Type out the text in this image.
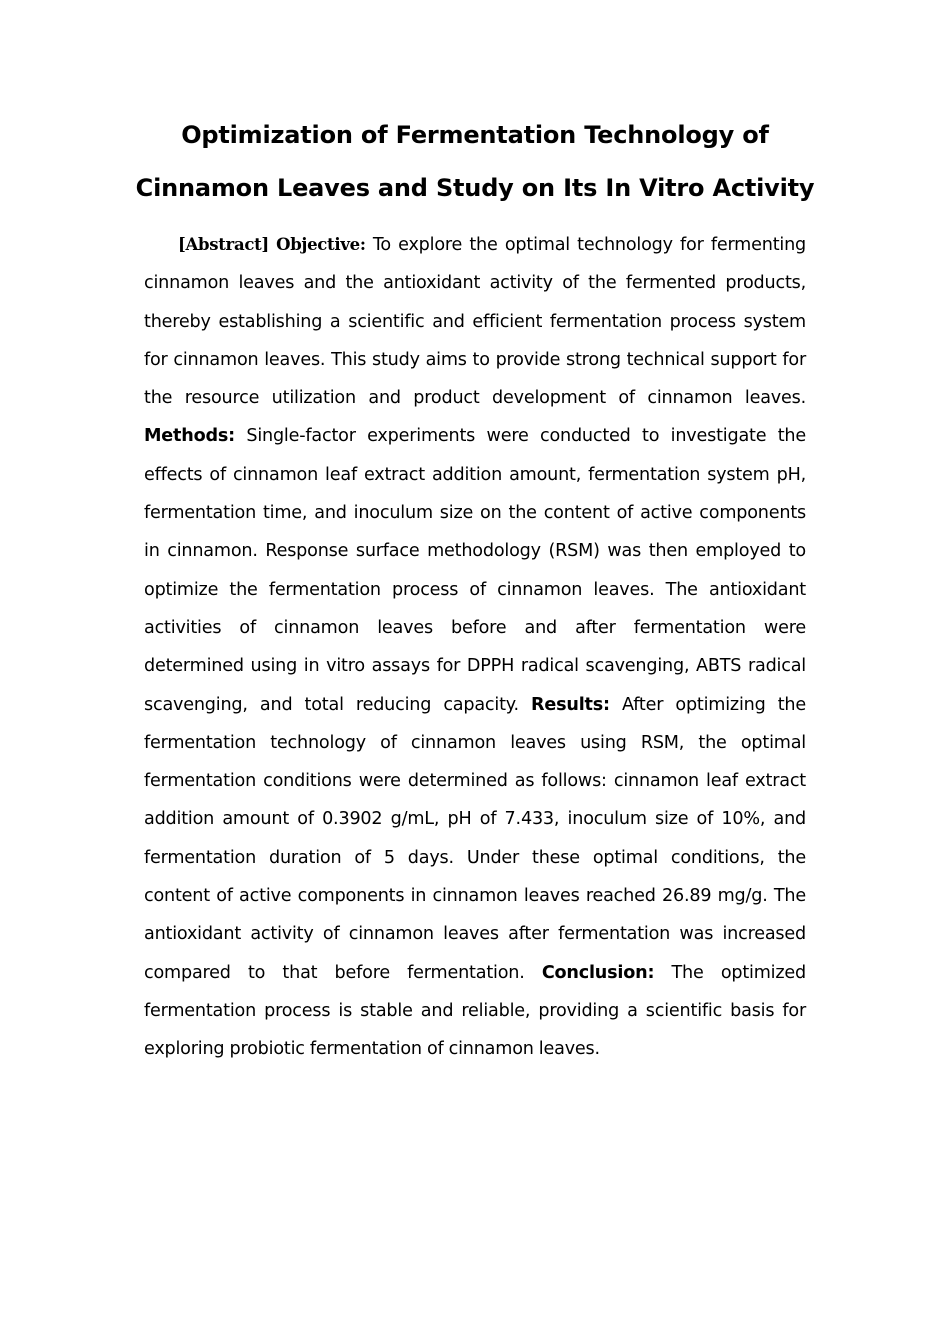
Optimization of Fermentation Technology of
Cinnamon Leaves and Study on Its In Vitro Activity

[Abstract] Objective: To explore the optimal technology for fermenting cinnamon leaves and the antioxidant activity of the fermented products, thereby establishing a scientific and efficient fermentation process system for cinnamon leaves. This study aims to provide strong technical support for the resource utilization and product development of cinnamon leaves. Methods: Single-factor experiments were conducted to investigate the effects of cinnamon leaf extract addition amount, fermentation system pH, fermentation time, and inoculum size on the content of active components in cinnamon. Response surface methodology (RSM) was then employed to optimize the fermentation process of cinnamon leaves. The antioxidant activities of cinnamon leaves before and after fermentation were determined using in vitro assays for DPPH radical scavenging, ABTS radical scavenging, and total reducing capacity. Results: After optimizing the fermentation technology of cinnamon leaves using RSM, the optimal fermentation conditions were determined as follows: cinnamon leaf extract addition amount of 0.3902 g/mL, pH of 7.433, inoculum size of 10%, and fermentation duration of 5 days. Under these optimal conditions, the content of active components in cinnamon leaves reached 26.89 mg/g. The antioxidant activity of cinnamon leaves after fermentation was increased compared to that before fermentation. Conclusion: The optimized fermentation process is stable and reliable, providing a scientific basis for exploring probiotic fermentation of cinnamon leaves.
